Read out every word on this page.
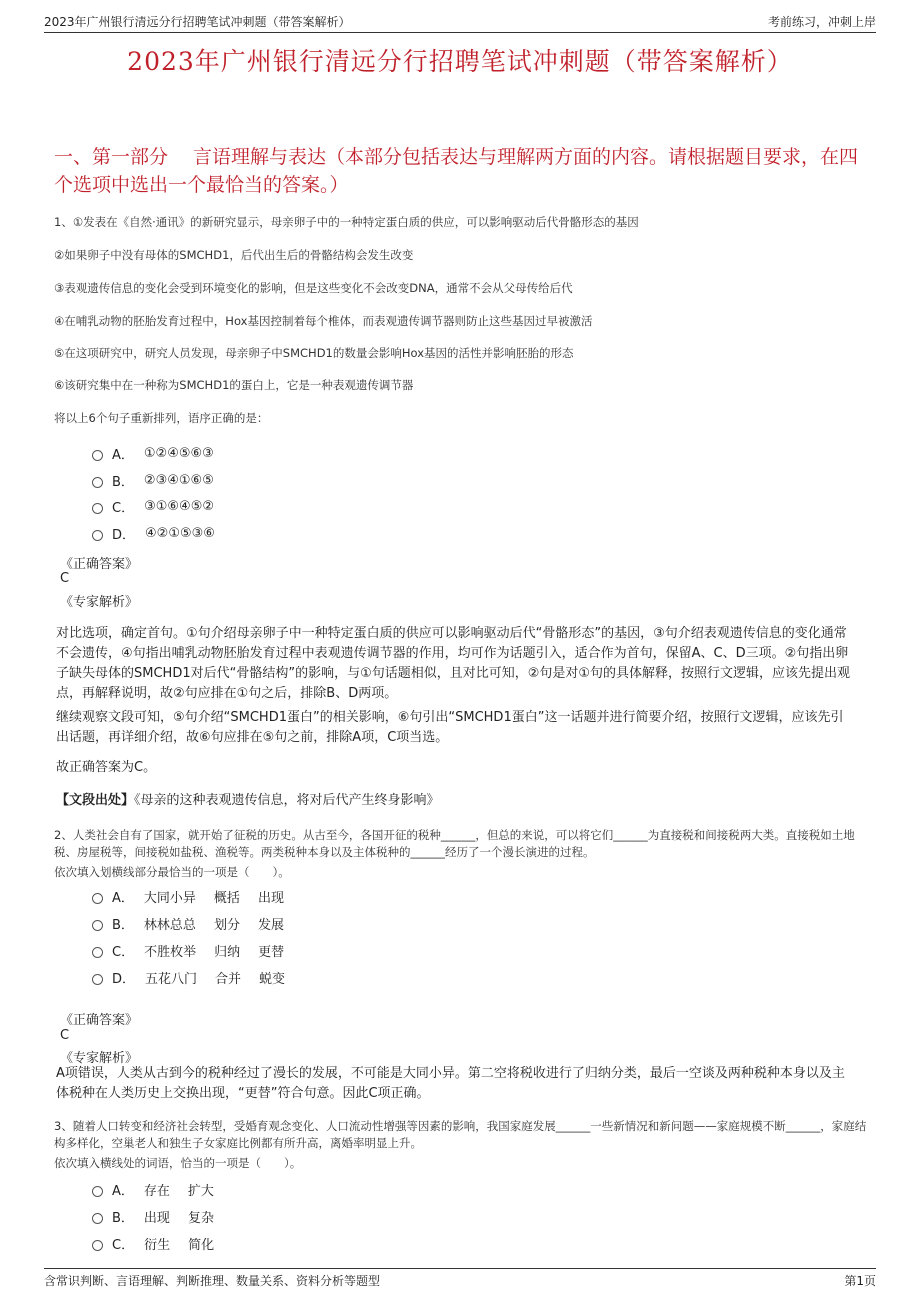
2023年广州银行清远分行招聘笔试冲刺题（带答案解析）	考前练习，冲刺上岸
2023年广州银行清远分行招聘笔试冲刺题（带答案解析）
一、第一部分　 言语理解与表达（本部分包括表达与理解两方面的内容。请根据题目要求，在四个选项中选出一个最恰当的答案。）
1、①发表在《自然·通讯》的新研究显示，母亲卵子中的一种特定蛋白质的供应，可以影响驱动后代骨骼形态的基因
②如果卵子中没有母体的SMCHD1，后代出生后的骨骼结构会发生改变
③表观遗传信息的变化会受到环境变化的影响，但是这些变化不会改变DNA，通常不会从父母传给后代
④在哺乳动物的胚胎发育过程中，Hox基因控制着每个椎体，而表观遗传调节器则防止这些基因过早被激活
⑤在这项研究中，研究人员发现，母亲卵子中SMCHD1的数量会影响Hox基因的活性并影响胚胎的形态
⑥该研究集中在一种称为SMCHD1的蛋白上，它是一种表观遗传调节器
将以上6个句子重新排列，语序正确的是：
A． ①②④⑤⑥③
B． ②③④①⑥⑤
C． ③①⑥④⑤②
D． ④②①⑤③⑥
《正确答案》
C
《专家解析》
对比选项，确定首句。①句介绍母亲卵子中一种特定蛋白质的供应可以影响驱动后代“骨骼形态”的基因，③句介绍表观遗传信息的变化通常不会遗传，④句指出哺乳动物胚胎发育过程中表观遗传调节器的作用，均可作为话题引入，适合作为首句，保留A、C、D三项。②句指出卵子缺失母体的SMCHD1对后代“骨骼结构”的影响，与①句话题相似，且对比可知，②句是对①句的具体解释，按照行文逻辑，应该先提出观点，再解释说明，故②句应排在①句之后，排除B、D两项。
继续观察文段可知，⑤句介绍“SMCHD1蛋白”的相关影响，⑥句引出“SMCHD1蛋白”这一话题并进行简要介绍，按照行文逻辑，应该先引出话题，再详细介绍，故⑥句应排在⑤句之前，排除A项，C项当选。
故正确答案为C。
【文段出处】《母亲的这种表观遗传信息，将对后代产生终身影响》
2、人类社会自有了国家，就开始了征税的历史。从古至今，各国开征的税种______，但总的来说，可以将它们______为直接税和间接税两大类。直接税如土地税、房屋税等，间接税如盐税、渔税等。两类税种本身以及主体税种的______经历了一个漫长演进的过程。
依次填入划横线部分最恰当的一项是（　　）。
A． 大同小异 概括 出现
B． 林林总总 划分 发展
C． 不胜枚举 归纳 更替
D． 五花八门 合并 蜕变
《正确答案》
C
《专家解析》
A项错误，人类从古到今的税种经过了漫长的发展，不可能是大同小异。第二空将税收进行了归纳分类，最后一空谈及两种税种本身以及主体税种在人类历史上交换出现，“更替”符合句意。因此C项正确。
3、随着人口转变和经济社会转型，受婚育观念变化、人口流动性增强等因素的影响，我国家庭发展______一些新情况和新问题——家庭规模不断______，家庭结构多样化，空巢老人和独生子女家庭比例都有所升高，离婚率明显上升。
依次填入横线处的词语，恰当的一项是（　　）。
A． 存在 扩大
B． 出现 复杂
C． 衍生 简化
含常识判断、言语理解、判断推理、数量关系、资料分析等题型	第1页
